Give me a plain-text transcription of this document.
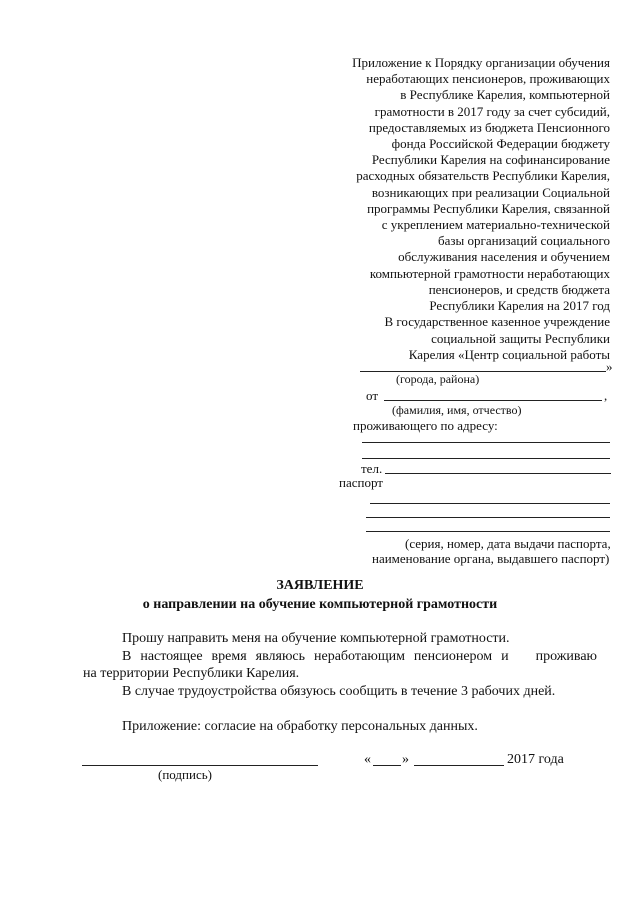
Приложение к Порядку организации обучения
неработающих пенсионеров, проживающих
в Республике Карелия, компьютерной
грамотности в 2017 году за счет субсидий,
предоставляемых из бюджета Пенсионного
фонда Российской Федерации бюджету
Республики Карелия на софинансирование
расходных обязательств Республики Карелия,
возникающих при реализации Социальной
программы Республики Карелия, связанной
с укреплением материально-технической
базы организаций социального
обслуживания населения и обучением
компьютерной грамотности неработающих
пенсионеров, и средств бюджета
Республики Карелия на 2017 год
В государственное казенное учреждение
социальной защиты Республики
Карелия «Центр социальной работы
»
(города, района)
от	,
(фамилия, имя, отчество)
проживающего по адресу:
тел.
паспорт
(серия, номер, дата выдачи паспорта,
наименование органа, выдавшего паспорт)
ЗАЯВЛЕНИЕ
о направлении на обучение компьютерной грамотности
Прошу направить меня на обучение компьютерной грамотности.
В настоящее время являюсь неработающим пенсионером и   проживаю
на территории Республики Карелия.
В случае трудоустройства обязуюсь сообщить в течение 3 рабочих дней.
Приложение: согласие на обработку персональных данных.
(подпись)
« »	2017 года
